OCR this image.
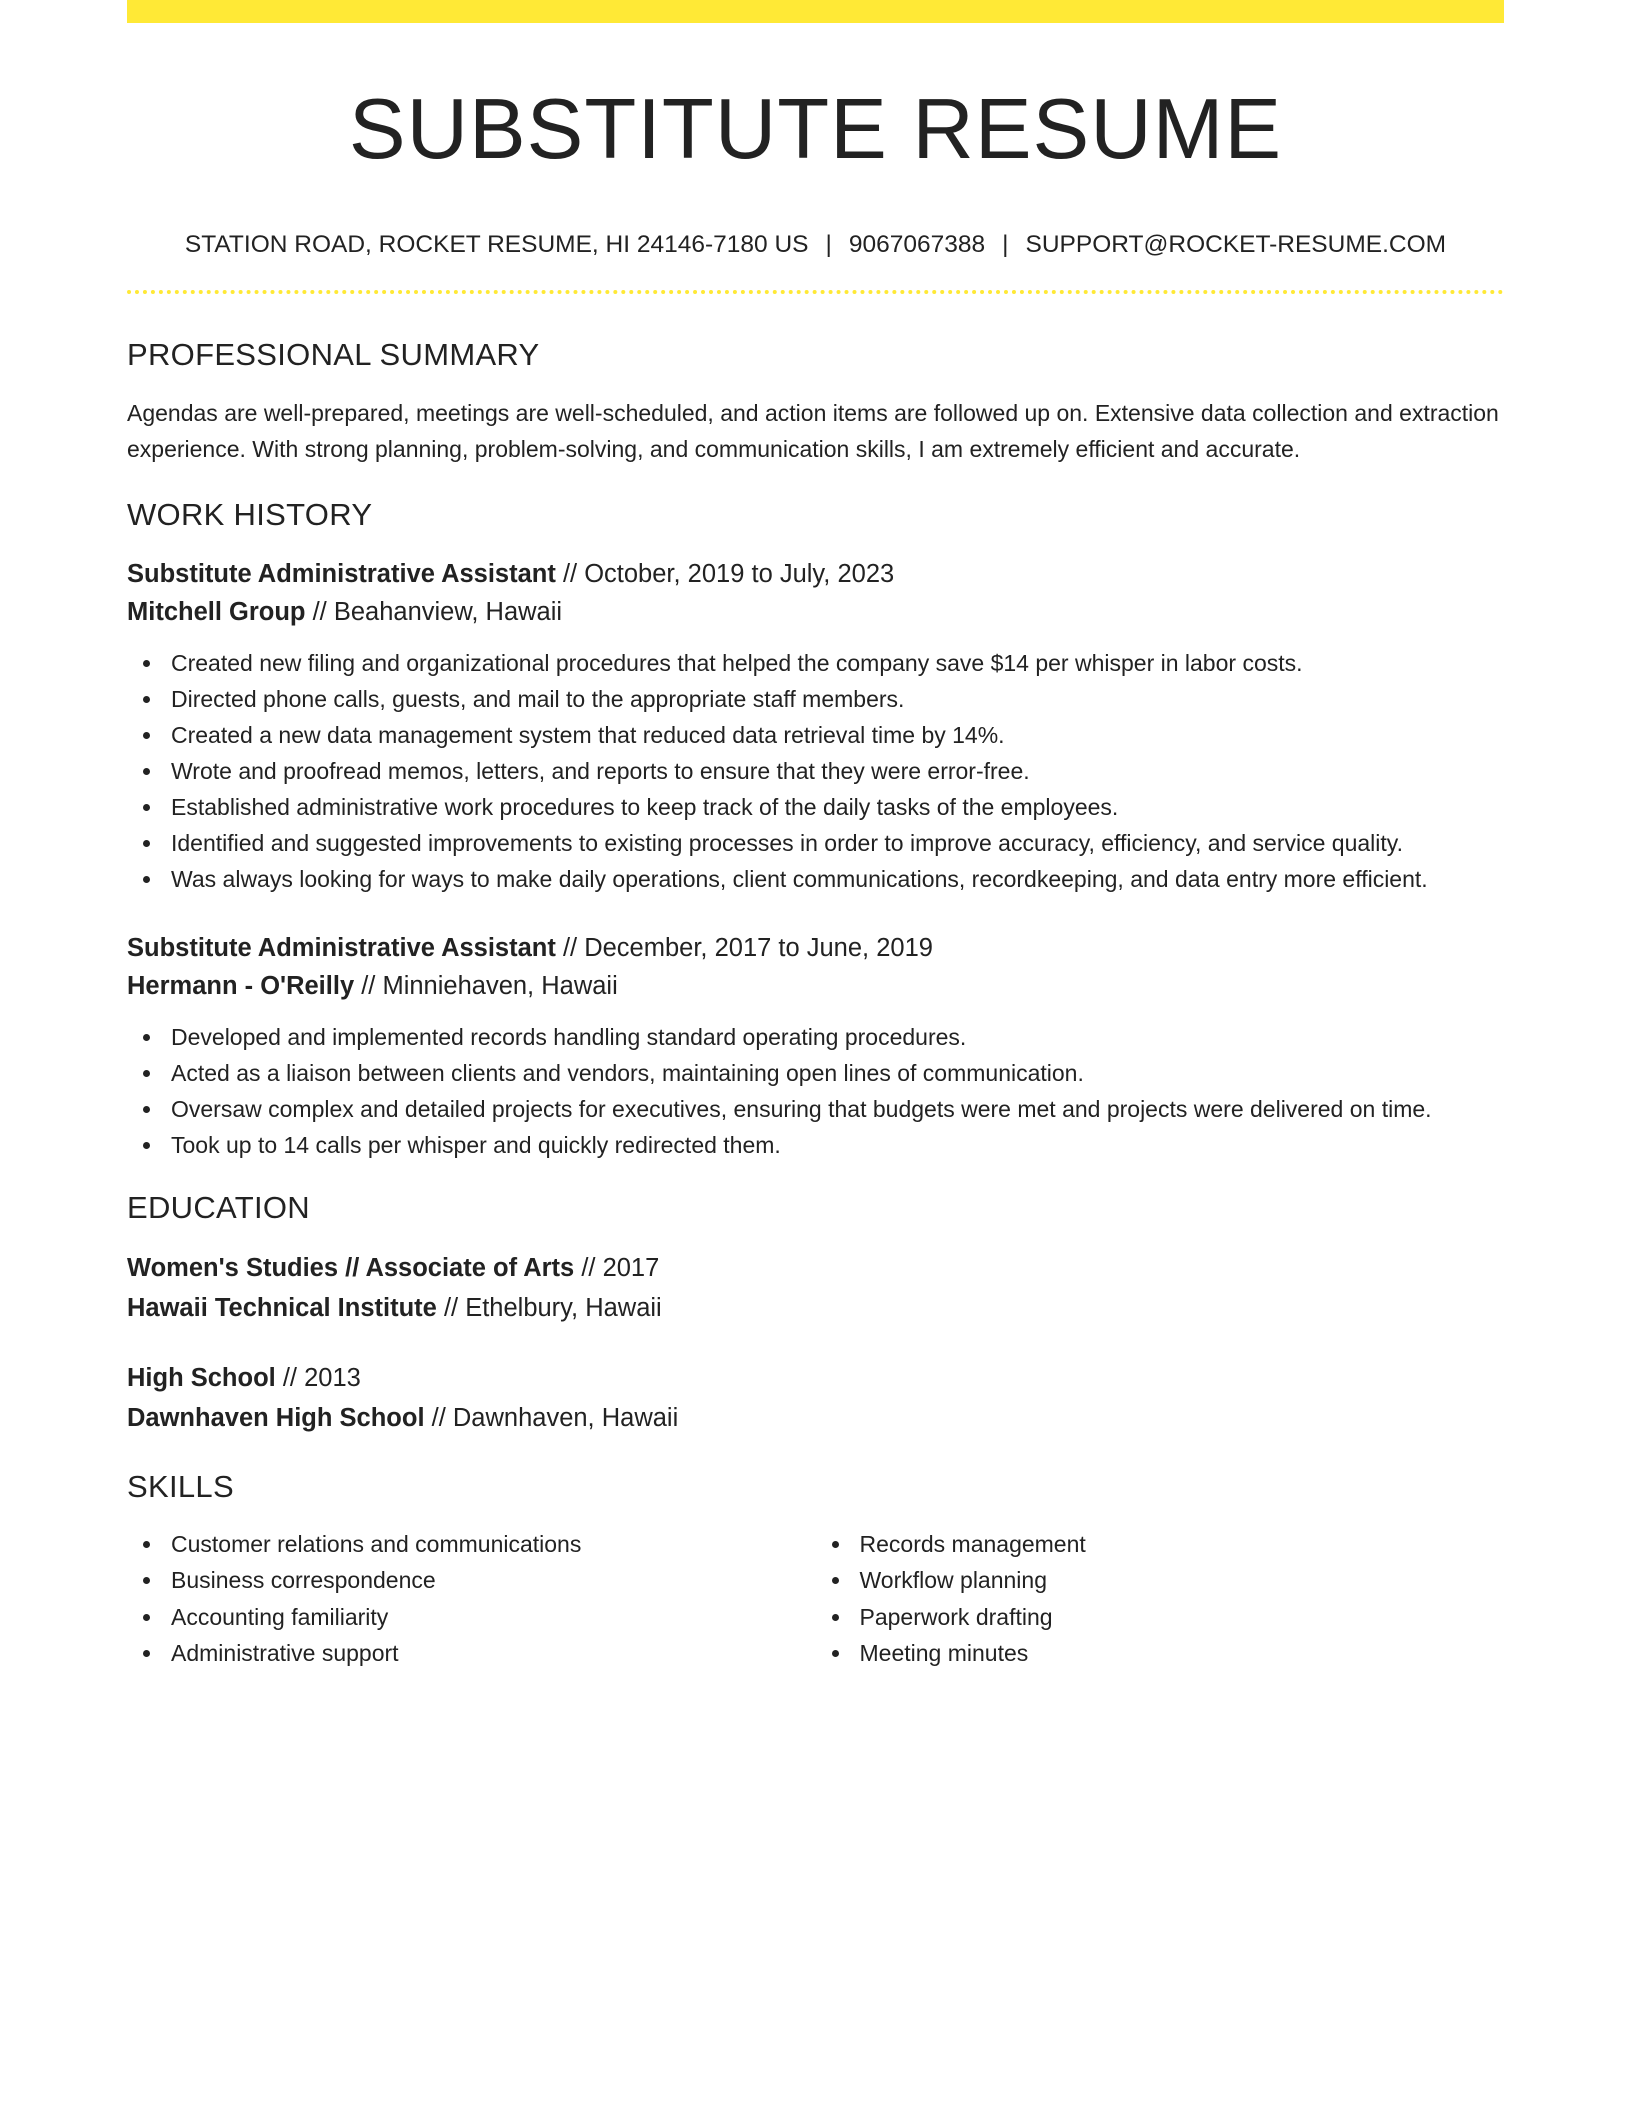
SUBSTITUTE RESUME
STATION ROAD, ROCKET RESUME, HI 24146-7180 US | 9067067388 | SUPPORT@ROCKET-RESUME.COM
PROFESSIONAL SUMMARY
Agendas are well-prepared, meetings are well-scheduled, and action items are followed up on. Extensive data collection and extraction experience. With strong planning, problem-solving, and communication skills, I am extremely efficient and accurate.
WORK HISTORY
Substitute Administrative Assistant // October, 2019 to July, 2023
Mitchell Group // Beahanview, Hawaii
Created new filing and organizational procedures that helped the company save $14 per whisper in labor costs.
Directed phone calls, guests, and mail to the appropriate staff members.
Created a new data management system that reduced data retrieval time by 14%.
Wrote and proofread memos, letters, and reports to ensure that they were error-free.
Established administrative work procedures to keep track of the daily tasks of the employees.
Identified and suggested improvements to existing processes in order to improve accuracy, efficiency, and service quality.
Was always looking for ways to make daily operations, client communications, recordkeeping, and data entry more efficient.
Substitute Administrative Assistant // December, 2017 to June, 2019
Hermann - O'Reilly // Minniehaven, Hawaii
Developed and implemented records handling standard operating procedures.
Acted as a liaison between clients and vendors, maintaining open lines of communication.
Oversaw complex and detailed projects for executives, ensuring that budgets were met and projects were delivered on time.
Took up to 14 calls per whisper and quickly redirected them.
EDUCATION
Women's Studies // Associate of Arts // 2017
Hawaii Technical Institute // Ethelbury, Hawaii
High School // 2013
Dawnhaven High School // Dawnhaven, Hawaii
SKILLS
Customer relations and communications
Business correspondence
Accounting familiarity
Administrative support
Records management
Workflow planning
Paperwork drafting
Meeting minutes
